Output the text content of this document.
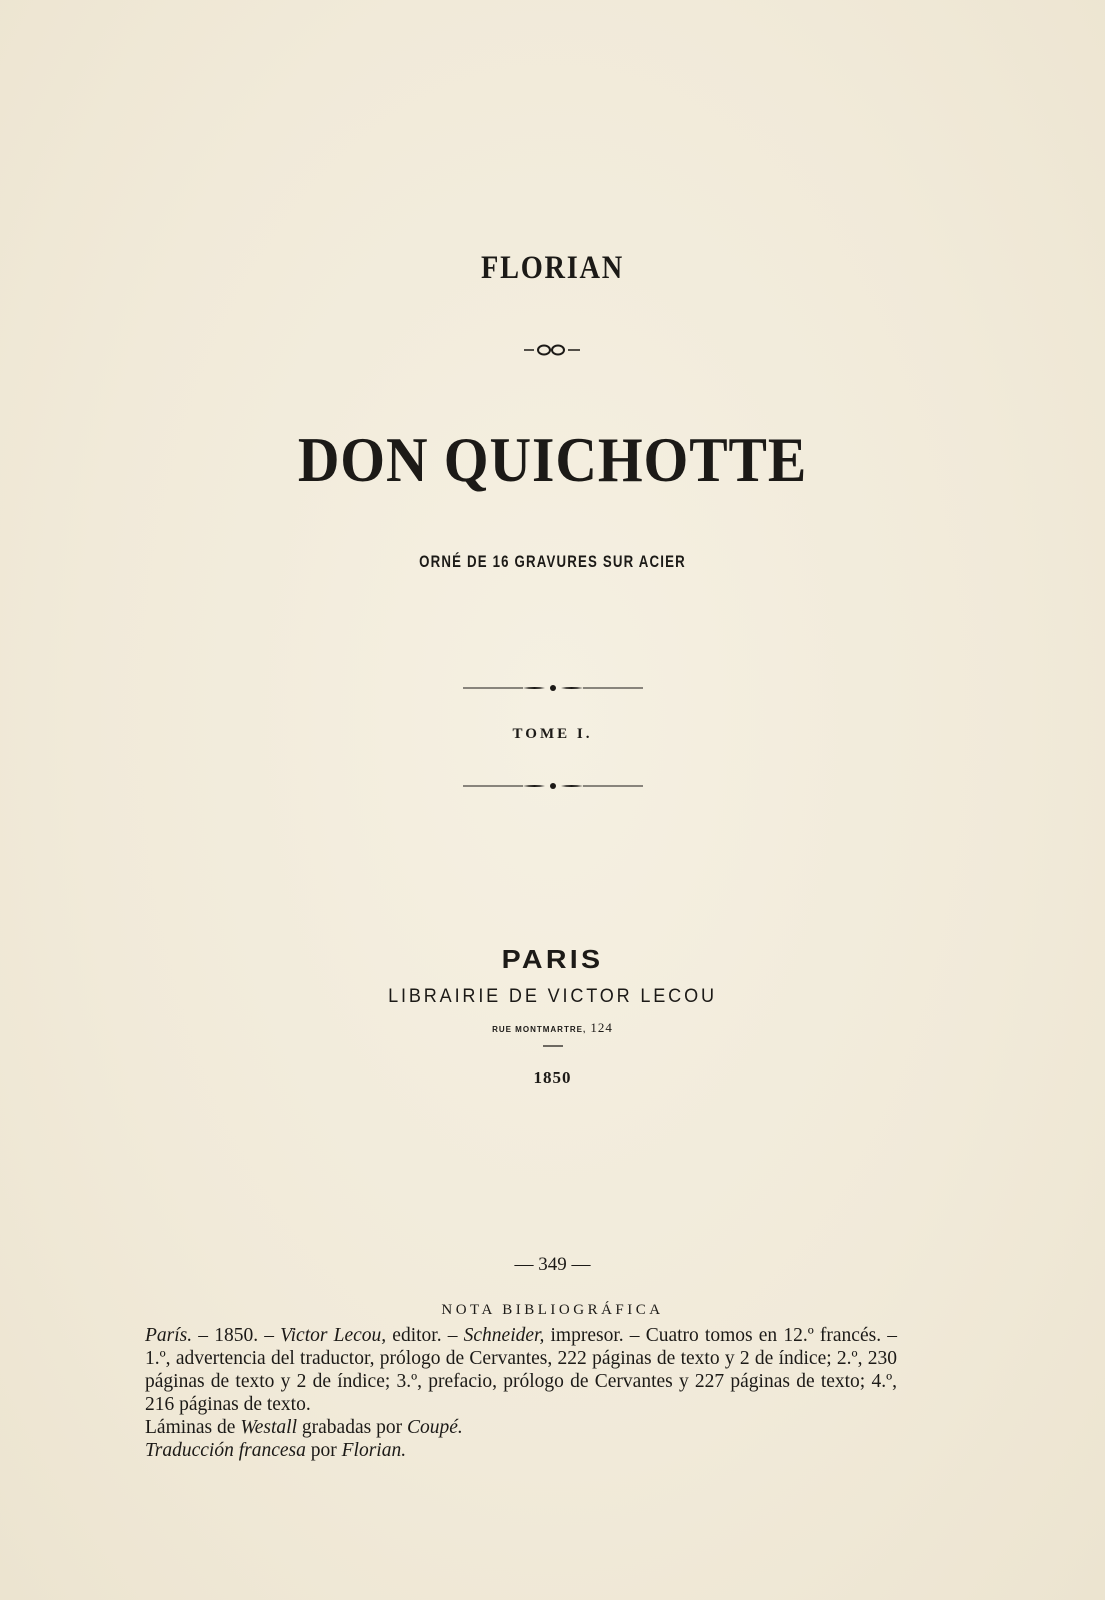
FLORIAN
DON QUICHOTTE
ORNÉ DE 16 GRAVURES SUR ACIER
TOME I.
PARIS
LIBRAIRIE DE VICTOR LECOU
RUE MONTMARTRE, 124
1850
— 349 —
NOTA BIBLIOGRÁFICA

París. – 1850. – Victor Lecou, editor. – Schneider, impresor. – Cuatro tomos en 12.º francés. – 1.º, advertencia del traductor, prólogo de Cervantes, 222 páginas de texto y 2 de índice; 2.º, 230 páginas de texto y 2 de índice; 3.º, prefacio, prólogo de Cervantes y 227 páginas de texto; 4.º, 216 páginas de texto.

Láminas de Westall grabadas por Coupé.

Traducción francesa por Florian.
